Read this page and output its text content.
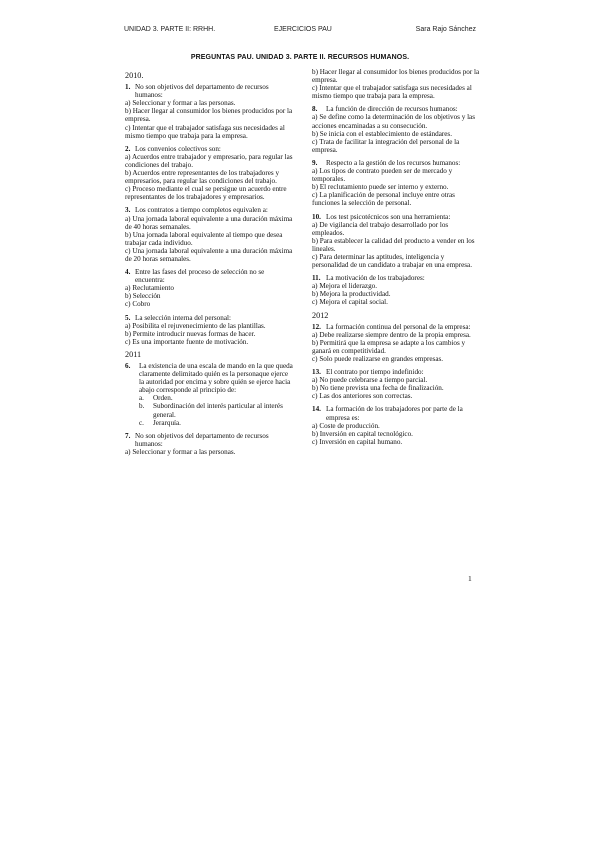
UNIDAD 3. PARTE II: RRHH.	EJERCICIOS PAU	Sara Rajo Sánchez
PREGUNTAS PAU. UNIDAD 3. PARTE II. RECURSOS HUMANOS.
2010.
1. No son objetivos del departamento de recursos humanos:
a) Seleccionar y formar a las personas.
b) Hacer llegar al consumidor los bienes producidos por la empresa.
c) Intentar que el trabajador satisfaga sus necesidades al mismo tiempo que trabaja para la empresa.
2. Los convenios colectivos son:
a) Acuerdos entre trabajador y empresario, para regular las condiciones del trabajo.
b) Acuerdos entre representantes de los trabajadores y empresarios, para regular las condiciones del trabajo.
c) Proceso mediante el cual se persigue un acuerdo entre representantes de los trabajadores y empresarios.
3. Los contratos a tiempo completos equivalen a:
a) Una jornada laboral equivalente a una duración máxima de 40 horas semanales.
b) Una jornada laboral equivalente al tiempo que desea trabajar cada individuo.
c) Una jornada laboral equivalente a una duración máxima de 20 horas semanales.
4. Entre las fases del proceso de selección no se encuentra:
a) Reclutamiento
b) Selección
c) Cobro
5. La selección interna del personal:
a) Posibilita el rejuvenecimiento de las plantillas.
b) Permite introducir nuevas formas de hacer.
c) Es una importante fuente de motivación.
2011
6.	La existencia de una escala de mando en la que queda claramente delimitado quién es la personaque ejerce la autoridad por encima y sobre quién se ejerce hacia abajo corresponde al principio de:
a.	Orden.
b.	Subordinación del interés particular al interés general.
c.	Jerarquía.
7. No son objetivos del departamento de recursos humanos:
a) Seleccionar y formar a las personas.
b) Hacer llegar al consumidor los bienes producidos por la empresa.
c) Intentar que el trabajador satisfaga sus necesidades al mismo tiempo que trabaja para la empresa.
8.	La función de dirección de recursos humanos:
a) Se define como la determinación de los objetivos y las acciones encaminadas a su consecución.
b) Se inicia con el establecimiento de estándares.
c) Trata de facilitar la integración del personal de la empresa.
9.	Respecto a la gestión de los recursos humanos:
a) Los tipos de contrato pueden ser de mercado y temporales.
b) El reclutamiento puede ser interno y externo.
c) La planificación de personal incluye entre otras funciones la selección de personal.
10. Los test psicotécnicos son una herramienta:
a) De vigilancia del trabajo desarrollado por los empleados.
b) Para establecer la calidad del producto a vender en los lineales.
c) Para determinar las aptitudes, inteligencia y personalidad de un candidato a trabajar en una empresa.
11. La motivación de los trabajadores:
a) Mejora el liderazgo.
b) Mejora la productividad.
c) Mejora el capital social.
2012
12. La formación continua del personal de la empresa:
a) Debe realizarse siempre dentro de la propia empresa.
b) Permitirá que la empresa se adapte a los cambios y ganará en competitividad.
c) Solo puede realizarse en grandes empresas.
13. El contrato por tiempo indefinido:
a) No puede celebrarse a tiempo parcial.
b) No tiene prevista una fecha de finalización.
c) Las dos anteriores son correctas.
14. La formación de los trabajadores por parte de la empresa es:
a) Coste de producción.
b) Inversión en capital tecnológico.
c) Inversión en capital humano.
1
